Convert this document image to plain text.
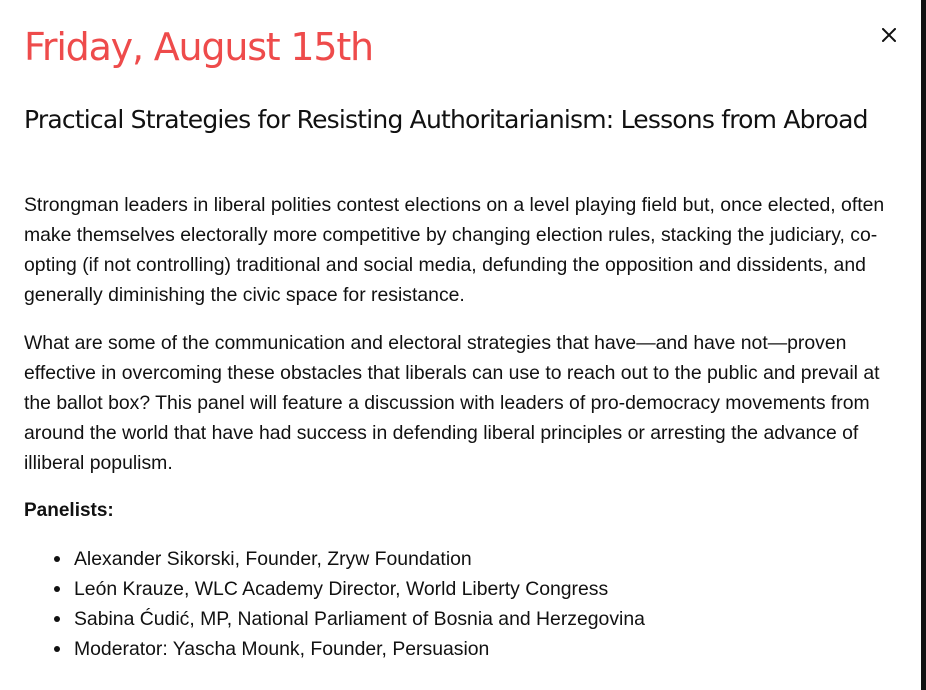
Friday, August 15th
Practical Strategies for Resisting Authoritarianism: Lessons from Abroad

Strongman leaders in liberal polities contest elections on a level playing field but, once elected, often make themselves electorally more competitive by changing election rules, stacking the judiciary, co-opting (if not controlling) traditional and social media, defunding the opposition and dissidents, and generally diminishing the civic space for resistance.

What are some of the communication and electoral strategies that have—and have not—proven effective in overcoming these obstacles that liberals can use to reach out to the public and prevail at the ballot box? This panel will feature a discussion with leaders of pro-democracy movements from around the world that have had success in defending liberal principles or arresting the advance of illiberal populism.

Panelists:

Alexander Sikorski, Founder, Zryw Foundation
León Krauze, WLC Academy Director, World Liberty Congress
Sabina Ćudić, MP, National Parliament of Bosnia and Herzegovina
Moderator: Yascha Mounk, Founder, Persuasion
